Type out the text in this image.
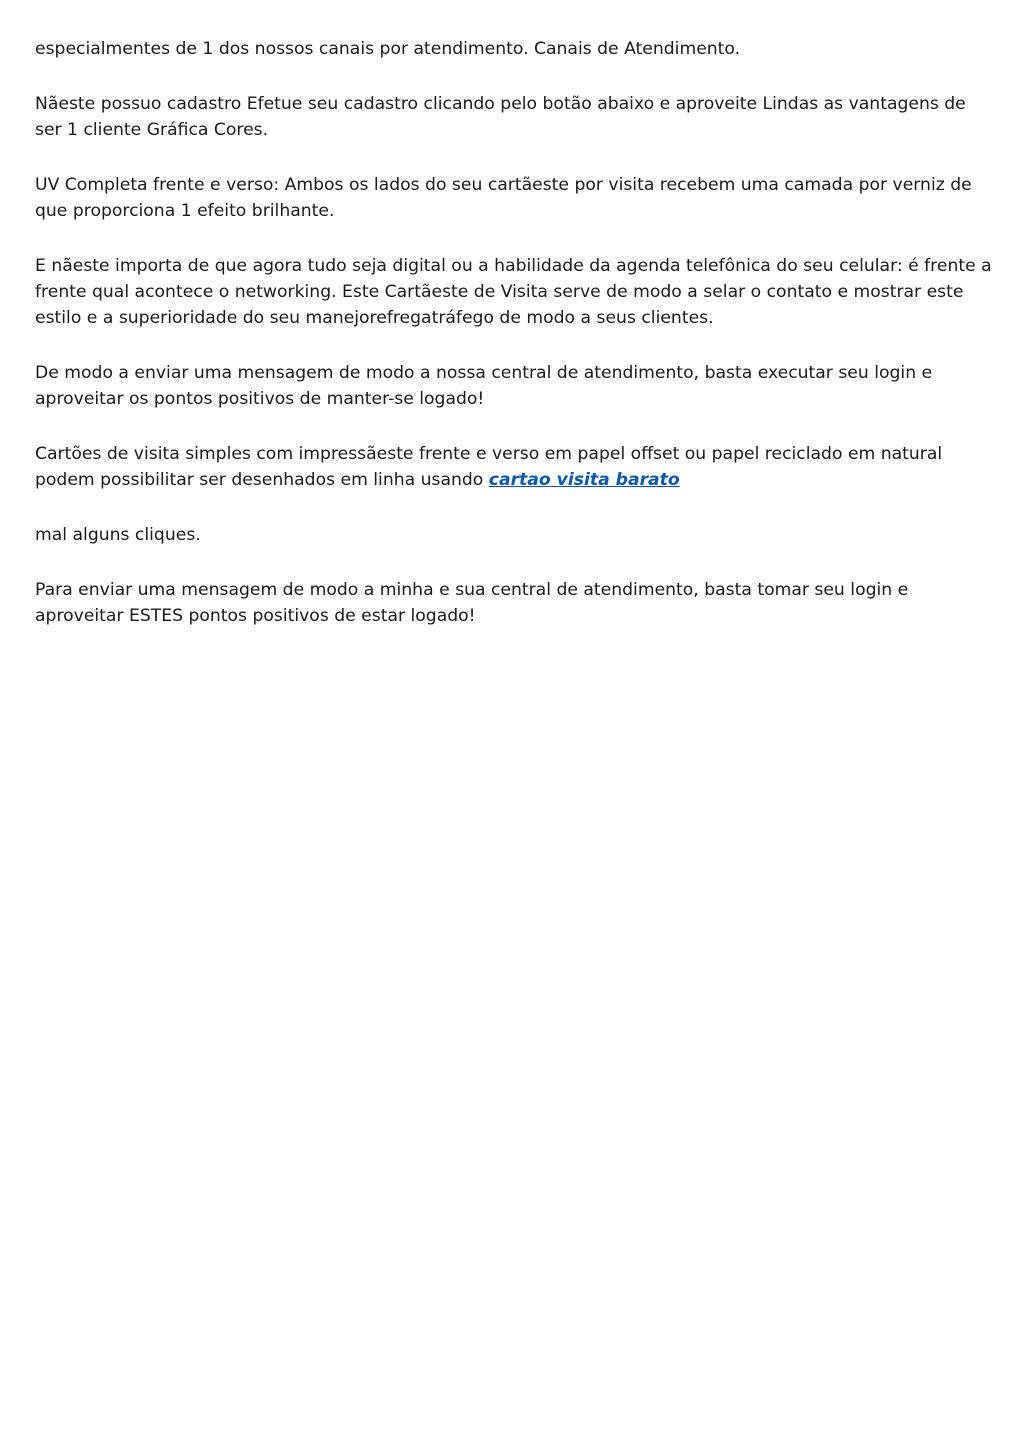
especialmentes de 1 dos nossos canais por atendimento. Canais de Atendimento.

Nãeste possuo cadastro Efetue seu cadastro clicando pelo botão abaixo e aproveite Lindas as vantagens de ser 1 cliente Gráfica Cores.

UV Completa frente e verso: Ambos os lados do seu cartãeste por visita recebem uma camada por verniz de que proporciona 1 efeito brilhante.

E nãeste importa de que agora tudo seja digital ou a habilidade da agenda telefônica do seu celular: é frente a frente qual acontece o networking. Este Cartãeste de Visita serve de modo a selar o contato e mostrar este estilo e a superioridade do seu manejorefregatráfego de modo a seus clientes.

De modo a enviar uma mensagem de modo a nossa central de atendimento, basta executar seu login e aproveitar os pontos positivos de manter-se logado!

Cartões de visita simples com impressãeste frente e verso em papel offset ou papel reciclado em natural podem possibilitar ser desenhados em linha usando cartao visita barato

mal alguns cliques.

Para enviar uma mensagem de modo a minha e sua central de atendimento, basta tomar seu login e aproveitar ESTES pontos positivos de estar logado!
